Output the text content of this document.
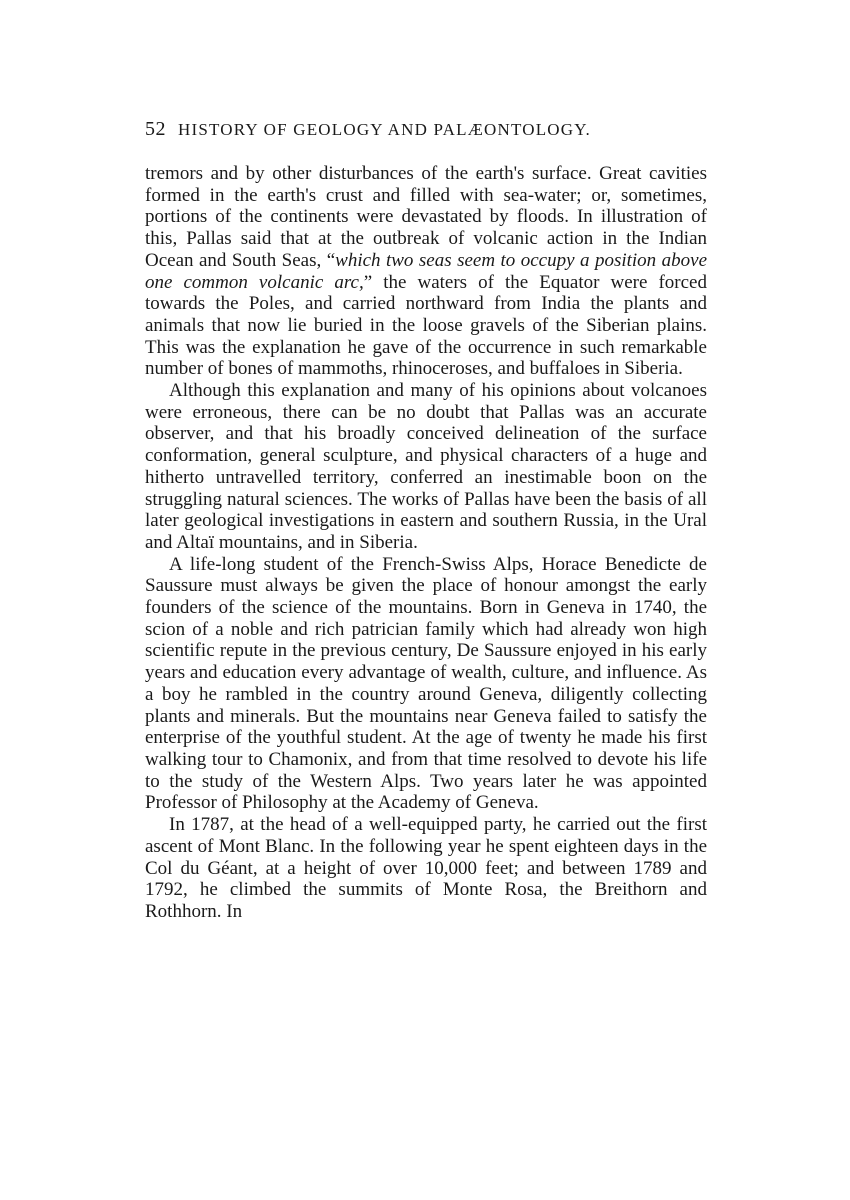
52 HISTORY OF GEOLOGY AND PALÆONTOLOGY.

tremors and by other disturbances of the earth's surface. Great cavities formed in the earth's crust and filled with sea-water; or, sometimes, portions of the continents were devastated by floods. In illustration of this, Pallas said that at the outbreak of volcanic action in the Indian Ocean and South Seas, “which two seas seem to occupy a position above one common volcanic arc,” the waters of the Equator were forced towards the Poles, and carried northward from India the plants and animals that now lie buried in the loose gravels of the Siberian plains. This was the explanation he gave of the occurrence in such remarkable number of bones of mammoths, rhinoceroses, and buffaloes in Siberia.

Although this explanation and many of his opinions about volcanoes were erroneous, there can be no doubt that Pallas was an accurate observer, and that his broadly conceived delineation of the surface conformation, general sculpture, and physical characters of a huge and hitherto untravelled territory, conferred an inestimable boon on the struggling natural sciences. The works of Pallas have been the basis of all later geological investigations in eastern and southern Russia, in the Ural and Altaï mountains, and in Siberia.

A life-long student of the French-Swiss Alps, Horace Benedicte de Saussure must always be given the place of honour amongst the early founders of the science of the mountains. Born in Geneva in 1740, the scion of a noble and rich patrician family which had already won high scientific repute in the previous century, De Saussure enjoyed in his early years and education every advantage of wealth, culture, and influence. As a boy he rambled in the country around Geneva, diligently collecting plants and minerals. But the mountains near Geneva failed to satisfy the enterprise of the youthful student. At the age of twenty he made his first walking tour to Chamonix, and from that time resolved to devote his life to the study of the Western Alps. Two years later he was appointed Professor of Philosophy at the Academy of Geneva.

In 1787, at the head of a well-equipped party, he carried out the first ascent of Mont Blanc. In the following year he spent eighteen days in the Col du Géant, at a height of over 10,000 feet; and between 1789 and 1792, he climbed the summits of Monte Rosa, the Breithorn and Rothhorn. In
